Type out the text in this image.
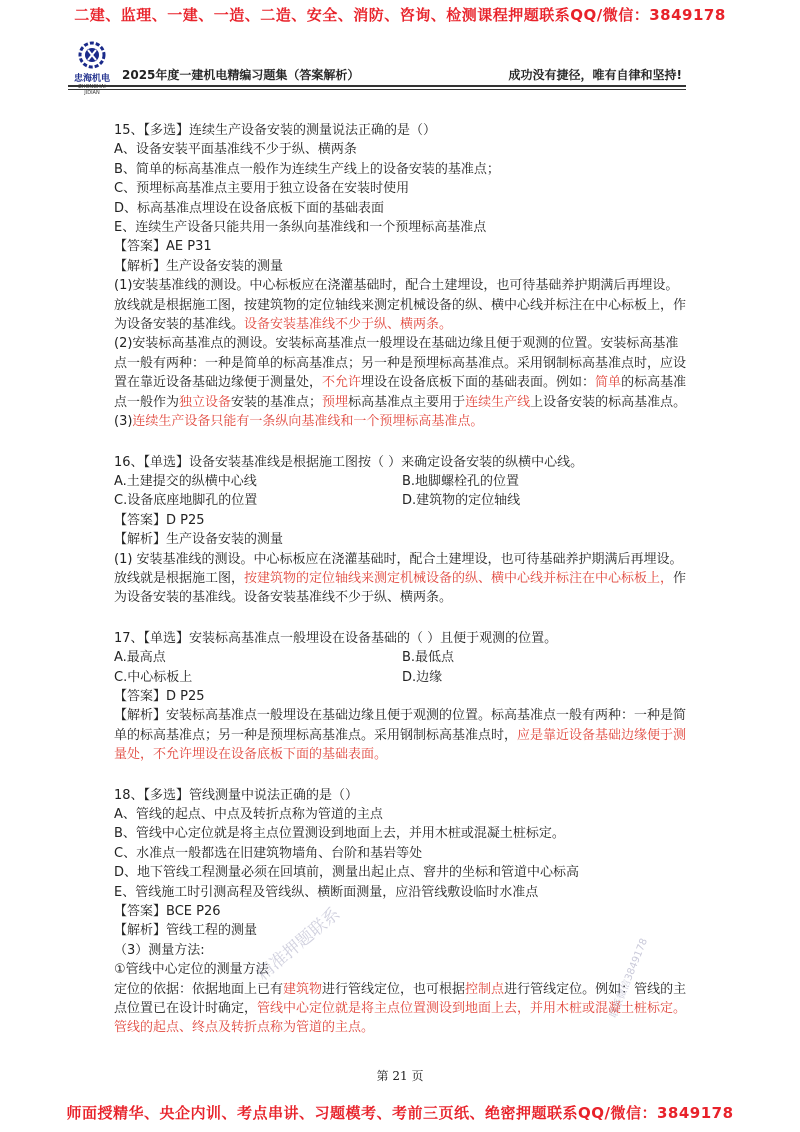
二建、监理、一建、一造、二造、安全、消防、咨询、检测课程押题联系QQ/微信：3849178
忠海机电
ZHONGHAI JIDIAN
2025年度一建机电精编习题集（答案解析）	成功没有捷径，唯有自律和坚持!

15、【多选】连续生产设备安装的测量说法正确的是（）

A、设备安装平面基准线不少于纵、横两条

B、简单的标高基准点一般作为连续生产线上的设备安装的基准点；

C、预埋标高基准点主要用于独立设备在安装时使用

D、标高基准点埋设在设备底板下面的基础表面

E、连续生产设备只能共用一条纵向基准线和一个预埋标高基准点

【答案】AE P31

【解析】生产设备安装的测量

(1)安装基准线的测设。中心标板应在浇灌基础时，配合土建埋设，也可待基础养护期满后再埋设。放线就是根据施工图，按建筑物的定位轴线来测定机械设备的纵、横中心线并标注在中心标板上，作为设备安装的基准线。设备安装基准线不少于纵、横两条。

(2)安装标高基准点的测设。安装标高基准点一般埋设在基础边缘且便于观测的位置。安装标高基准点一般有两种：一种是简单的标高基准点；另一种是预埋标高基准点。采用钢制标高基准点时，应设置在靠近设备基础边缘便于测量处，不允许埋设在设备底板下面的基础表面。例如：简单的标高基准点一般作为独立设备安装的基准点；预埋标高基准点主要用于连续生产线上设备安装的标高基准点。

(3)连续生产设备只能有一条纵向基准线和一个预埋标高基准点。

16、【单选】设备安装基准线是根据施工图按（ ）来确定设备安装的纵横中心线。

A.土建提交的纵横中心线	B.地脚螺栓孔的位置

C.设备底座地脚孔的位置	D.建筑物的定位轴线

【答案】D P25

【解析】生产设备安装的测量

(1) 安装基准线的测设。中心标板应在浇灌基础时，配合土建埋设，也可待基础养护期满后再埋设。放线就是根据施工图，按建筑物的定位轴线来测定机械设备的纵、横中心线并标注在中心标板上，作为设备安装的基准线。设备安装基准线不少于纵、横两条。

17、【单选】安装标高基准点一般埋设在设备基础的（ ）且便于观测的位置。

A.最高点	B.最低点

C.中心标板上	D.边缘

【答案】D P25

【解析】安装标高基准点一般埋设在基础边缘且便于观测的位置。标高基准点一般有两种：一种是简单的标高基准点；另一种是预埋标高基准点。采用钢制标高基准点时，应是靠近设备基础边缘便于测量处，不允许埋设在设备底板下面的基础表面。

18、【多选】管线测量中说法正确的是（）

A、管线的起点、中点及转折点称为管道的主点

B、管线中心定位就是将主点位置测设到地面上去，并用木桩或混凝土桩标定。

C、水准点一般都选在旧建筑物墙角、台阶和基岩等处

D、地下管线工程测量必须在回填前，测量出起止点、窨井的坐标和管道中心标高

E、管线施工时引测高程及管线纵、横断面测量，应沿管线敷设临时水准点

【答案】BCE P26

【解析】管线工程的测量

（3）测量方法:

①管线中心定位的测量方法

定位的依据：依据地面上已有建筑物进行管线定位，也可根据控制点进行管线定位。例如：管线的主点位置已在设计时确定，管线中心定位就是将主点位置测设到地面上去，并用木桩或混凝土桩标定。管线的起点、终点及转折点称为管道的主点。

精准押题联系	联系微信3849178
第 21 页
师面授精华、央企内训、考点串讲、习题模考、考前三页纸、绝密押题联系QQ/微信：3849178
